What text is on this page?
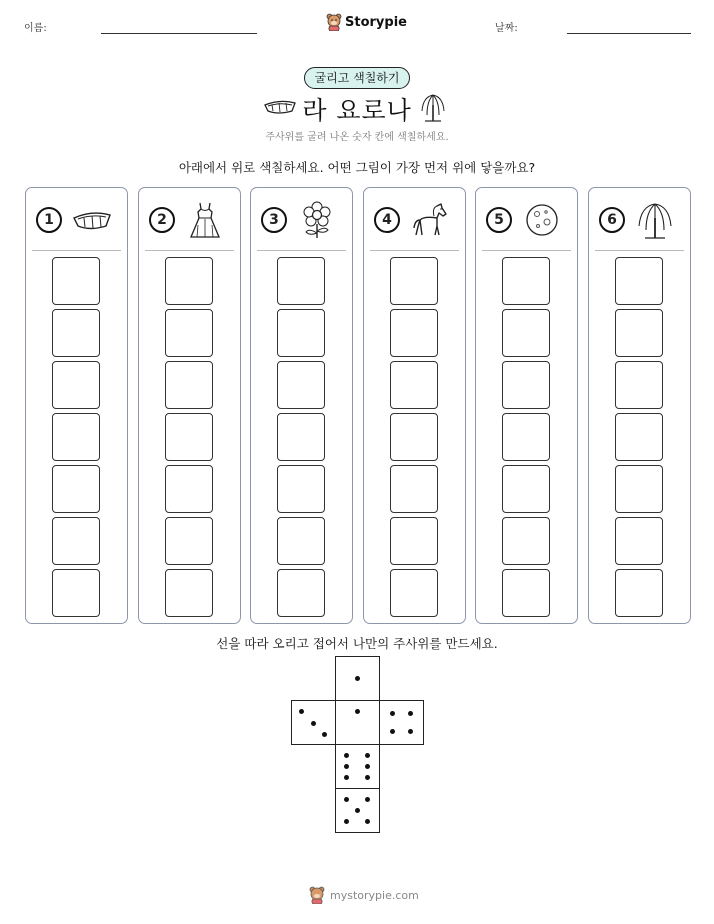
이름:	Storypie	날짜:
굴리고 색칠하기
라 요로나
주사위를 굴려 나온 숫자 칸에 색칠하세요.
아래에서 위로 색칠하세요. 어떤 그림이 가장 먼저 위에 닿을까요?
1	2	3	4	5	6
선을 따라 오리고 접어서 나만의 주사위를 만드세요.
mystorypie.com
